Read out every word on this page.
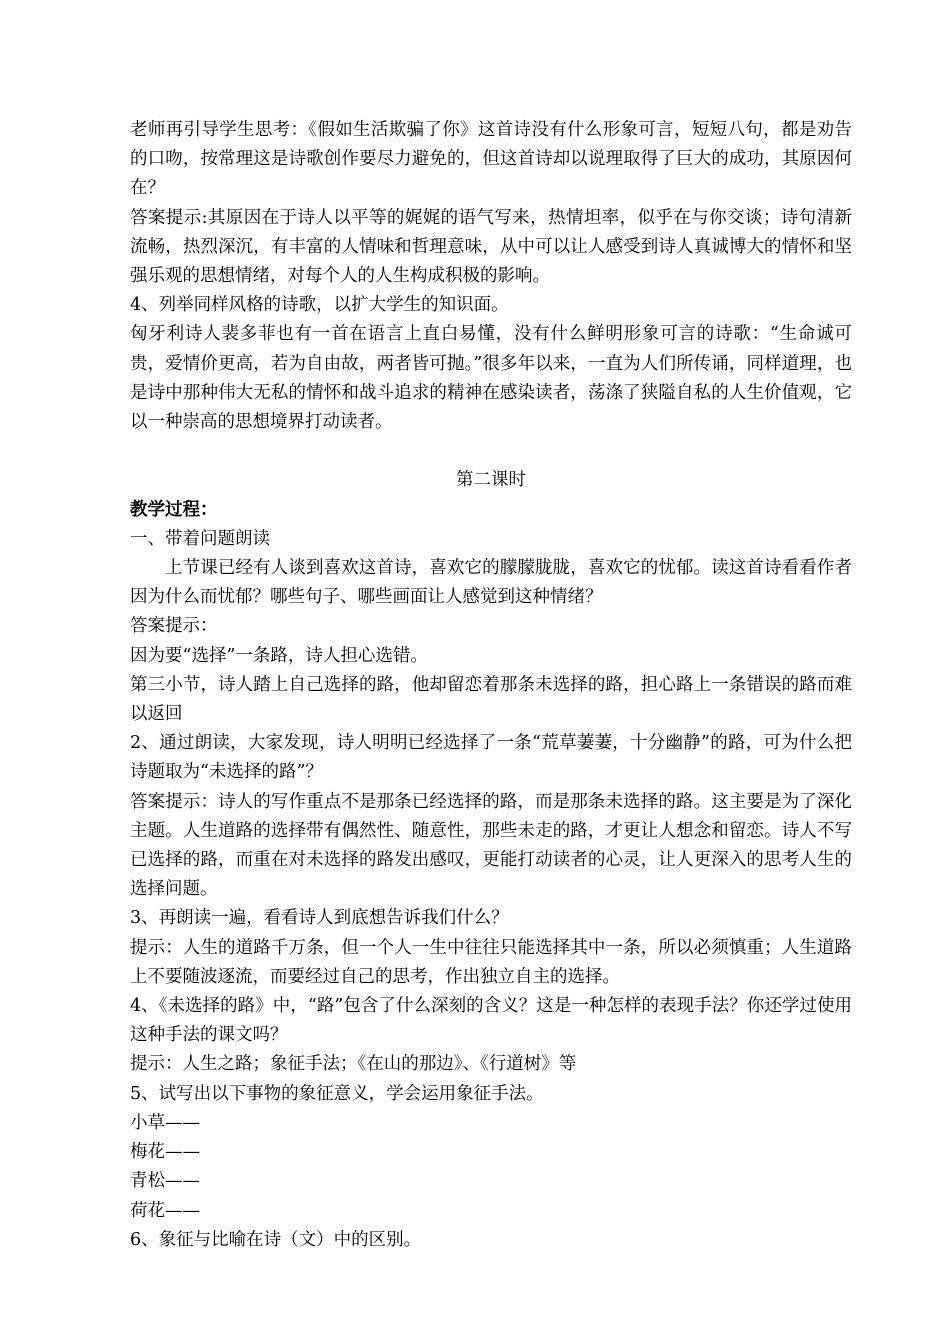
老师再引导学生思考：《假如生活欺骗了你》这首诗没有什么形象可言，短短八句，都是劝告的口吻，按常理这是诗歌创作要尽力避免的，但这首诗却以说理取得了巨大的成功，其原因何在？

答案提示:其原因在于诗人以平等的娓娓的语气写来，热情坦率，似乎在与你交谈；诗句清新流畅，热烈深沉，有丰富的人情味和哲理意味，从中可以让人感受到诗人真诚博大的情怀和坚强乐观的思想情绪，对每个人的人生构成积极的影响。

4、列举同样风格的诗歌，以扩大学生的知识面。

匈牙利诗人裴多菲也有一首在语言上直白易懂，没有什么鲜明形象可言的诗歌：“生命诚可贵，爱情价更高，若为自由故，两者皆可抛。”很多年以来，一直为人们所传诵，同样道理，也是诗中那种伟大无私的情怀和战斗追求的精神在感染读者，荡涤了狭隘自私的人生价值观，它以一种崇高的思想境界打动读者。

第二课时

教学过程：

一、带着问题朗读

上节课已经有人谈到喜欢这首诗，喜欢它的朦朦胧胧，喜欢它的忧郁。读这首诗看看作者因为什么而忧郁？哪些句子、哪些画面让人感觉到这种情绪？

答案提示：

因为要“选择”一条路，诗人担心选错。

第三小节，诗人踏上自己选择的路，他却留恋着那条未选择的路，担心路上一条错误的路而难以返回

2、通过朗读，大家发现，诗人明明已经选择了一条“荒草萋萋，十分幽静”的路，可为什么把诗题取为“未选择的路”？

答案提示：诗人的写作重点不是那条已经选择的路，而是那条未选择的路。这主要是为了深化主题。人生道路的选择带有偶然性、随意性，那些未走的路，才更让人想念和留恋。诗人不写已选择的路，而重在对未选择的路发出感叹，更能打动读者的心灵，让人更深入的思考人生的选择问题。

3、再朗读一遍，看看诗人到底想告诉我们什么？

提示：人生的道路千万条，但一个人一生中往往只能选择其中一条，所以必须慎重；人生道路上不要随波逐流，而要经过自己的思考，作出独立自主的选择。

4、《未选择的路》中，“路”包含了什么深刻的含义？这是一种怎样的表现手法？你还学过使用这种手法的课文吗？

提示：人生之路；象征手法；《在山的那边》、《行道树》等

5、试写出以下事物的象征意义，学会运用象征手法。

小草——

梅花——

青松——

荷花——

6、象征与比喻在诗（文）中的区别。
